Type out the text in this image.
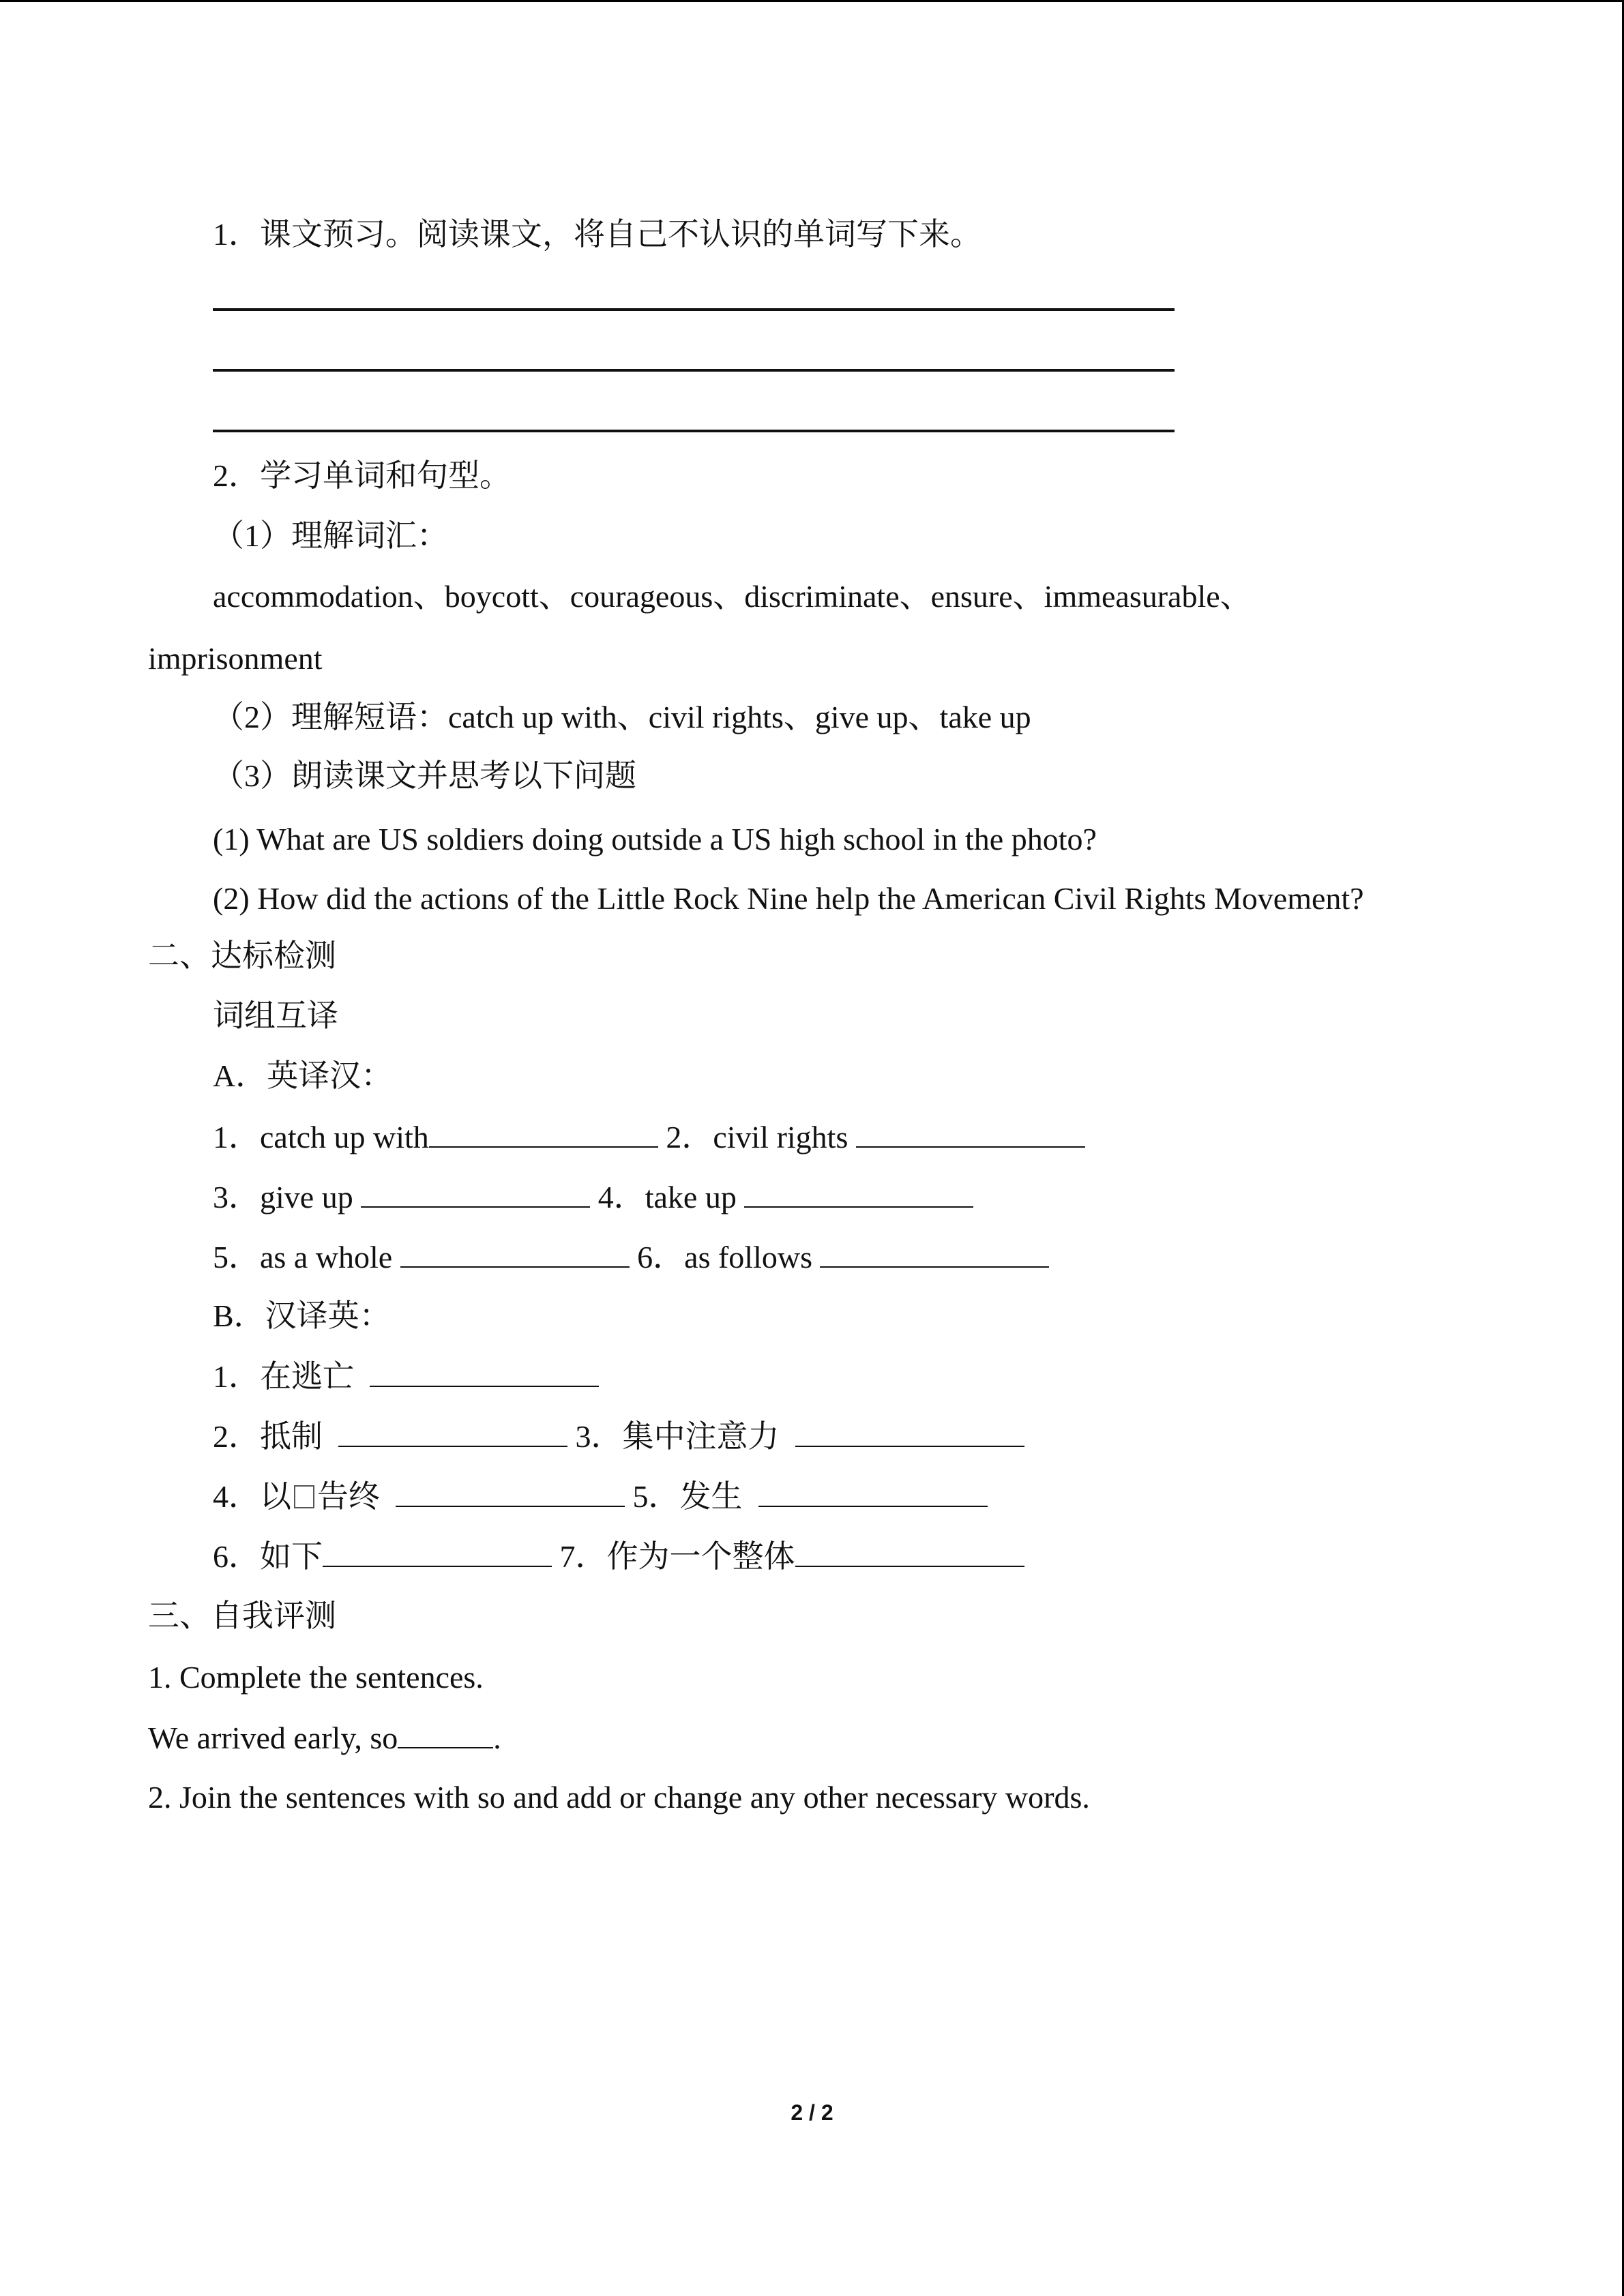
1．课文预习。阅读课文，将自己不认识的单词写下来。

2．学习单词和句型。

（1）理解词汇：

accommodation、boycott、courageous、discriminate、ensure、immeasurable、

imprisonment

（2）理解短语：catch up with、civil rights、give up、take up

（3）朗读课文并思考以下问题

(1) What are US soldiers doing outside a US high school in the photo?

(2) How did the actions of the Little Rock Nine help the American Civil Rights Movement?

二、达标检测

词组互译

A．英译汉：

1．catch up with	2．civil rights

3．give up	4．take up

5．as a whole	6．as follows

B．汉译英：

1．在逃亡

2．抵制	3．集中注意力

4．以 告终	5．发生

6．如下	7．作为一个整体

三、自我评测

1. Complete the sentences.

We arrived early, so	.

2. Join the sentences with so and add or change any other necessary words.

2 / 2
